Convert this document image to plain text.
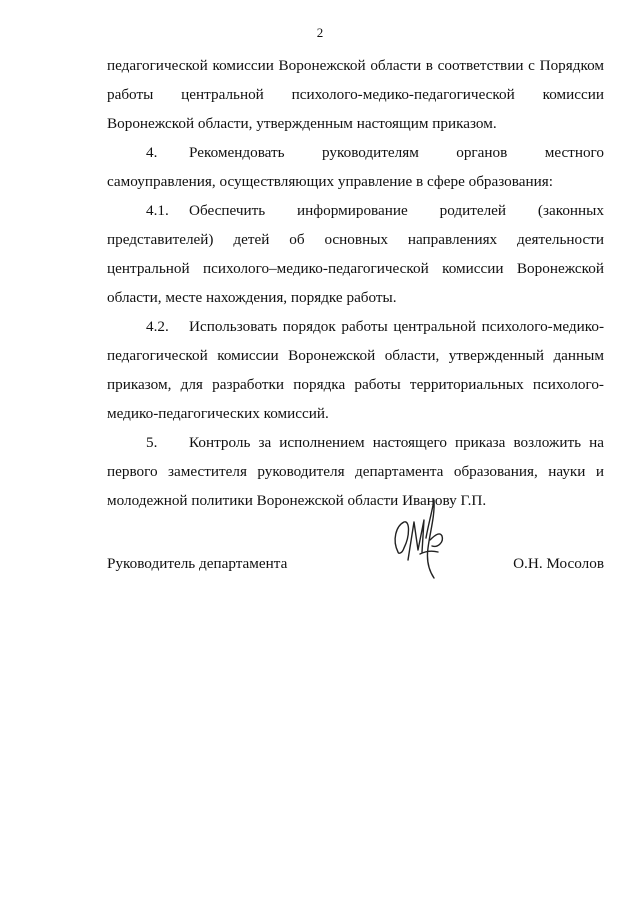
2

педагогической комиссии Воронежской области в соответствии с Порядком работы центральной психолого-медико-педагогической комиссии Воронежской области, утвержденным настоящим приказом.

4. Рекомендовать руководителям органов местного самоуправления, осуществляющих управление в сфере образования:

4.1. Обеспечить информирование родителей (законных представителей) детей об основных направлениях деятельности центральной психолого–медико-педагогической комиссии Воронежской области, месте нахождения, порядке работы.

4.2. Использовать порядок работы центральной психолого-медико-педагогической комиссии Воронежской области, утвержденный данным приказом, для разработки порядка работы территориальных психолого-медико-педагогических комиссий.

5. Контроль за исполнением настоящего приказа возложить на первого заместителя руководителя департамента образования, науки и молодежной политики Воронежской области Иванову Г.П.

Руководитель департамента	О.Н. Мосолов
